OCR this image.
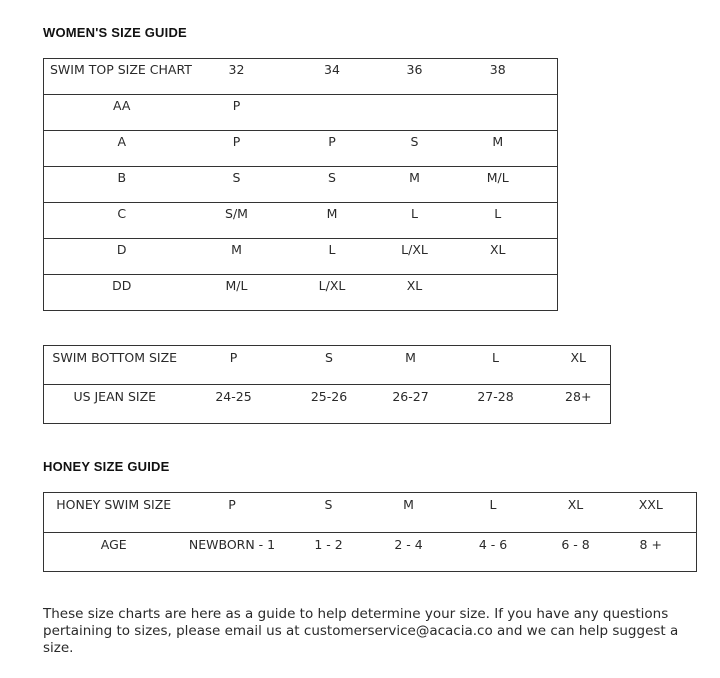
WOMEN'S SIZE GUIDE
SWIM TOP SIZE CHART	32	34	36	38
AA	P			
A	P	P	S	M
B	S	S	M	M/L
C	S/M	M	L	L
D	M	L	L/XL	XL
DD	M/L	L/XL	XL	
SWIM BOTTOM SIZE	P	S	M	L	XL
US JEAN SIZE	24-25	25-26	26-27	27-28	28+
HONEY SIZE GUIDE
HONEY SWIM SIZE	P	S	M	L	XL	XXL
AGE	NEWBORN - 1	1 - 2	2 - 4	4 - 6	6 - 8	8 +

These size charts are here as a guide to help determine your size. If you have any questions pertaining to sizes, please email us at customerservice@acacia.co and we can help suggest a size.
